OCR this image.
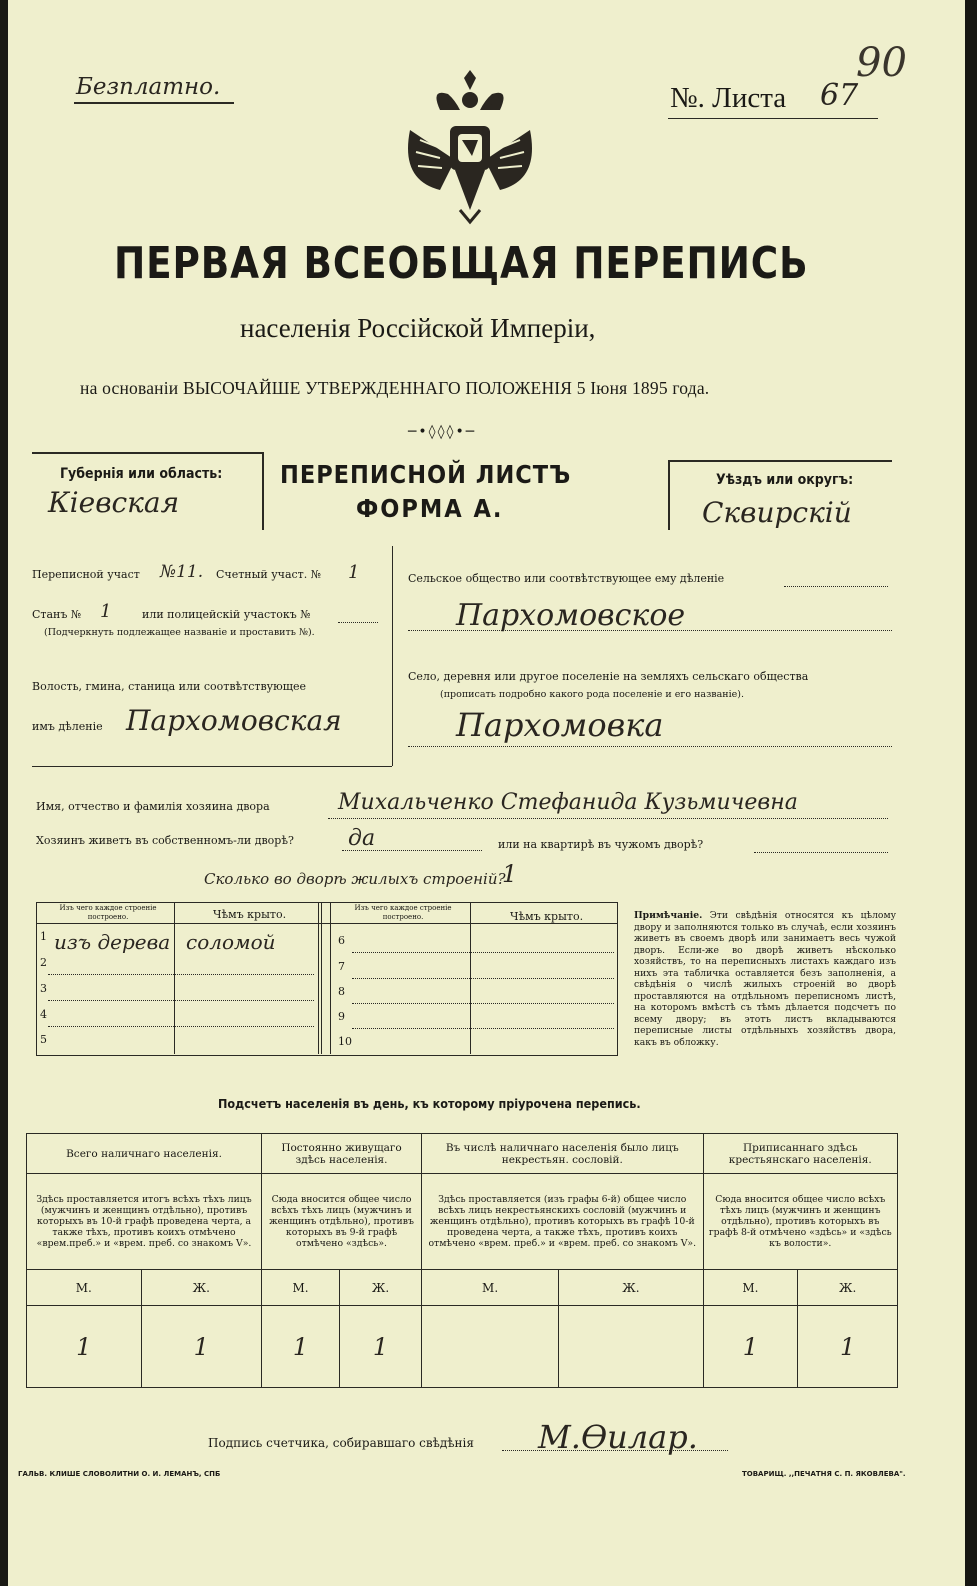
Безплатно.	№. Листа 67
90
ПЕРВАЯ ВСЕОБЩАЯ ПЕРЕПИСЬ
населенія Россійской Имперіи,
на основаніи ВЫСОЧАЙШЕ УТВЕРЖДЕННАГО ПОЛОЖЕНІЯ 5 Іюня 1895 года.
─•◊◊◊•─
Губернія или область:
Кіевская
ПЕРЕПИСНОЙ ЛИСТЪ
ФОРМА А.
Уѣздъ или округъ:
Сквирскій
Переписной участ №11. Счетный участ. № 1
Станъ № 1	или полицейскій участокъ №
(Подчеркнуть подлежащее названіе и проставить №).
Волость, гмина, станица или соотвѣтствующее
имъ дѣленіе Пархомовская
Сельское общество или соотвѣтствующее ему дѣленіе
Пархомовское
Село, деревня или другое поселеніе на земляхъ сельскаго общества
(прописать подробно какого рода поселеніе и его названіе).
Пархомовка
Имя, отчество и фамилія хозяина двора	Михальченко Стефанида Кузьмичевна
Хозяинъ живетъ въ собственномъ-ли дворѣ? да	или на квартирѣ въ чужомъ дворѣ?
Сколько во дворѣ жилыхъ строеній?
1
Изъ чего каждое строеніе построено.	Чѣмъ крыто.	Изъ чего каждое строеніе построено.	Чѣмъ крыто.
1 изъ дерева соломой
2
3
4
5
6
7
8
9
10
Примѣчаніе. Эти свѣдѣнія относятся къ цѣлому двору и заполняются только въ случаѣ, если хозяинъ живетъ въ своемъ дворѣ или занимаетъ весь чужой дворъ. Если-же во дворѣ живетъ нѣсколько хозяйствъ, то на переписныхъ листахъ каждаго изъ нихъ эта табличка оставляется безъ заполненія, а свѣдѣнія о числѣ жилыхъ строеній во дворѣ проставляются на отдѣльномъ переписномъ листѣ, на которомъ вмѣстѣ съ тѣмъ дѣлается подсчетъ по всему двору; въ этотъ листъ вкладываются переписные листы отдѣльныхъ хозяйствъ двора, какъ въ обложку.
Подсчетъ населенія въ день, къ которому пріурочена перепись.
Всего наличнаго населенія.		Постоянно живущаго здѣсь населенія.		Въ числѣ наличнаго населенія было лицъ некрестьян. сословій.		Приписаннаго здѣсь крестьянскаго населенія.	
Здѣсь проставляется итогъ всѣхъ тѣхъ лицъ (мужчинъ и женщинъ отдѣльно), противъ которыхъ въ 10-й графѣ проведена черта, а также тѣхъ, противъ коихъ отмѣчено «врем.преб.» и «врем. преб. со знакомъ V».		Сюда вносится общее число всѣхъ тѣхъ лицъ (мужчинъ и женщинъ отдѣльно), противъ которыхъ въ 9-й графѣ отмѣчено «здѣсь».		Здѣсь проставляется (изъ графы 6-й) общее число всѣхъ лицъ некрестьянскихъ сословій (мужчинъ и женщинъ отдѣльно), противъ которыхъ въ графѣ 10-й проведена черта, а также тѣхъ, противъ коихъ отмѣчено «врем. преб.» и «врем. преб. со знакомъ V».		Сюда вносится общее число всѣхъ тѣхъ лицъ (мужчинъ и женщинъ отдѣльно), противъ которыхъ въ графѣ 8-й отмѣчено «здѣсь» и «здѣсь къ волости».	
М.	Ж.	М.	Ж.	М.	Ж.	М.	Ж.
1	1	1	1			1	1
Подпись счетчика, собиравшаго свѣдѣнія М.Ѳилар.
ГАЛЬВ. КЛИШЕ СЛОВОЛИТНИ О. И. ЛЕМАНЪ, СПБ	ТОВАРИЩ. ,,ПЕЧАТНЯ С. П. ЯКОВЛЕВА".
